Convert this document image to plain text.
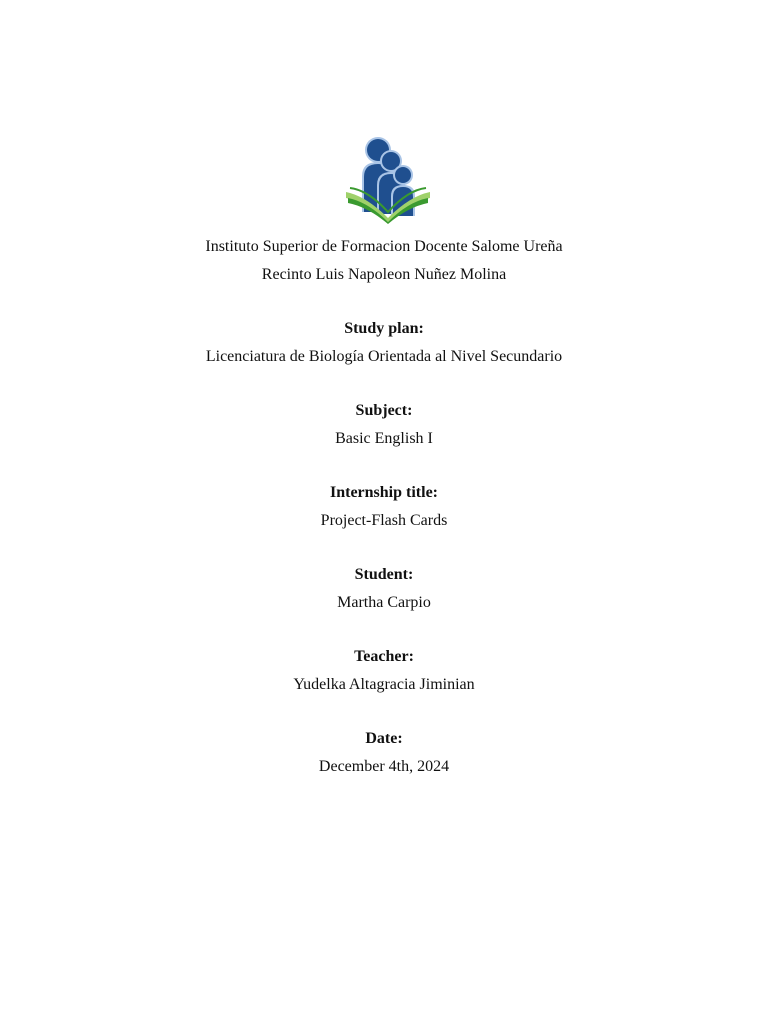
Instituto Superior de Formacion Docente Salome Ureña
Recinto Luis Napoleon Nuñez Molina
Study plan:
Licenciatura de Biología Orientada al Nivel Secundario
Subject:
Basic English I
Internship title:
Project-Flash Cards
Student:
Martha Carpio
Teacher:
Yudelka Altagracia Jiminian
Date:
December 4th, 2024
